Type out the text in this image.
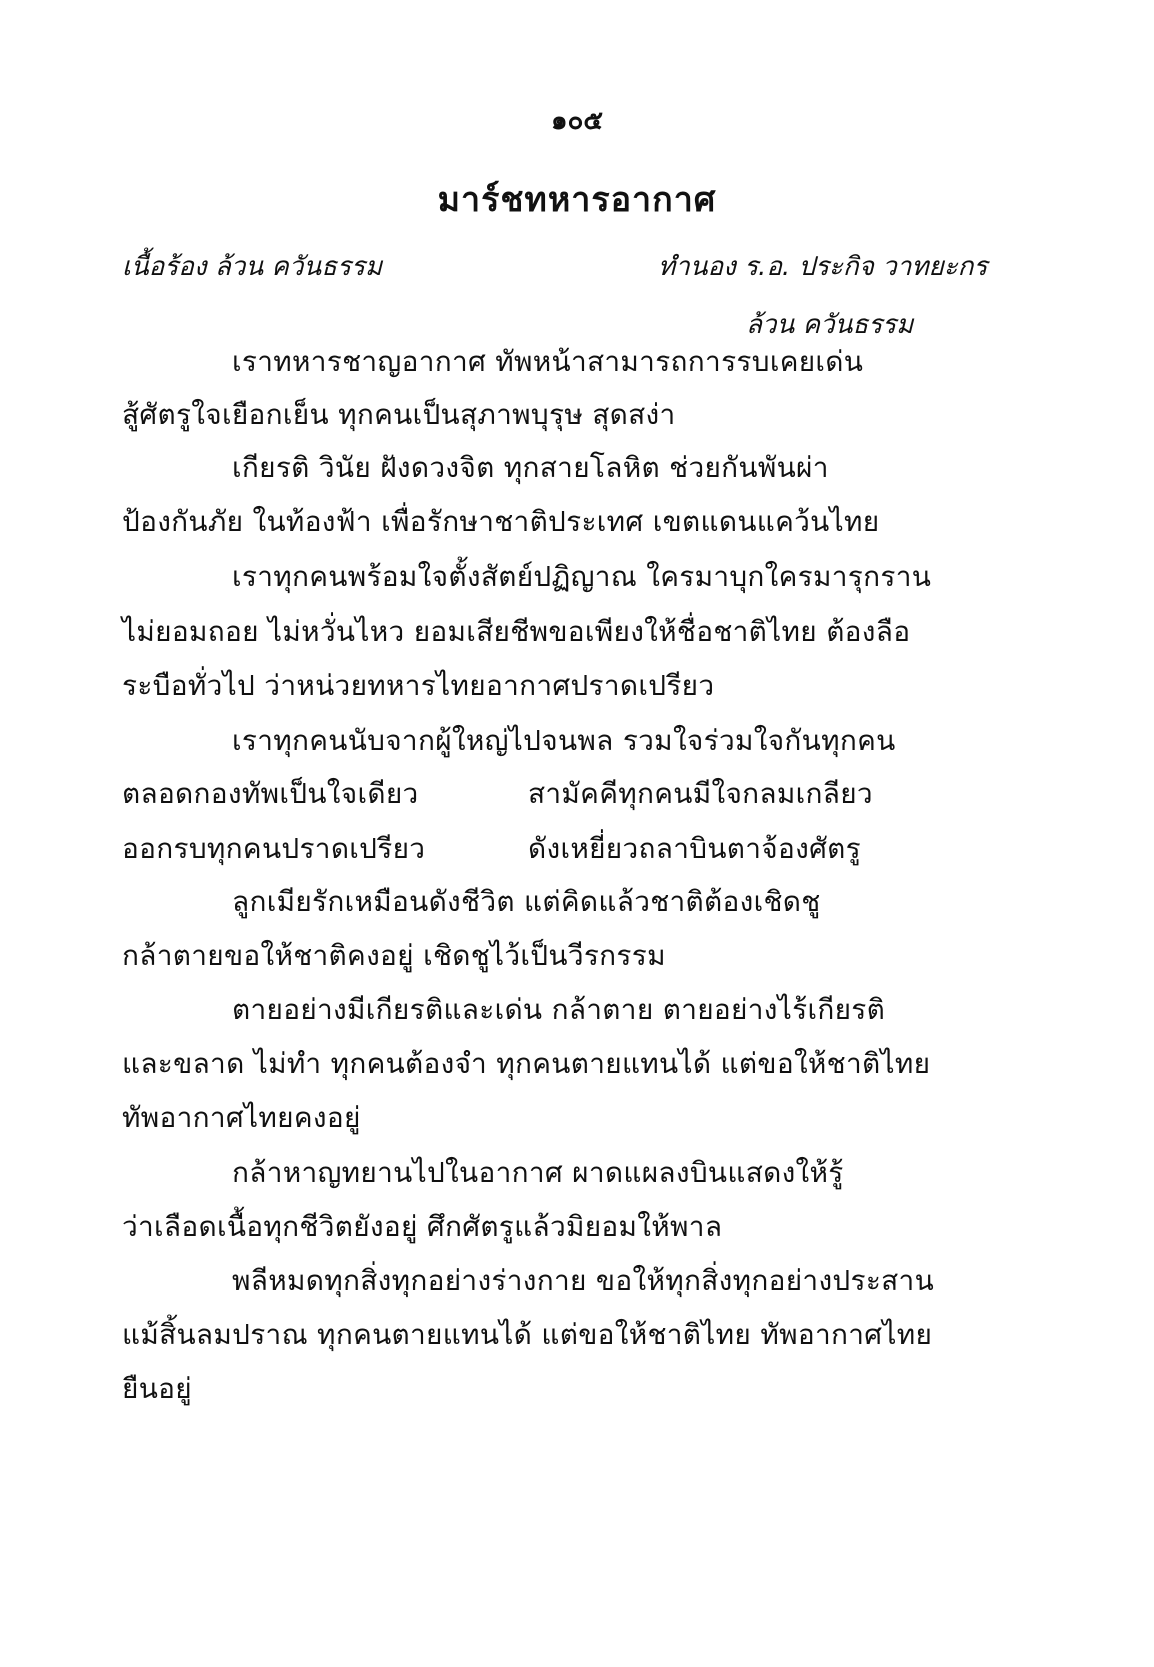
๑๐๕
มาร์ชทหารอากาศ
เนื้อร้อง ล้วน ควันธรรม	ทำนอง ร.อ. ประกิจ วาทยะกร
ล้วน ควันธรรม

เราทหารชาญอากาศ ทัพหน้าสามารถการรบเคยเด่น

สู้ศัตรูใจเยือกเย็น ทุกคนเป็นสุภาพบุรุษ สุดสง่า

เกียรติ วินัย ฝังดวงจิต ทุกสายโลหิต ช่วยกันพันผ่า

ป้องกันภัย ในท้องฟ้า เพื่อรักษาชาติประเทศ เขตแดนแคว้นไทย

เราทุกคนพร้อมใจตั้งสัตย์ปฏิญาณ ใครมาบุกใครมารุกราน

ไม่ยอมถอย ไม่หวั่นไหว ยอมเสียชีพขอเพียงให้ชื่อชาติไทย ต้องลือ

ระบือทั่วไป ว่าหน่วยทหารไทยอากาศปราดเปรียว

เราทุกคนนับจากผู้ใหญ่ไปจนพล รวมใจร่วมใจกันทุกคน

ตลอดกองทัพเป็นใจเดียว	สามัคคีทุกคนมีใจกลมเกลียว
ออกรบทุกคนปราดเปรียว	ดังเหยี่ยวถลาบินตาจ้องศัตรู

ลูกเมียรักเหมือนดังชีวิต แต่คิดแล้วชาติต้องเชิดชู

กล้าตายขอให้ชาติคงอยู่ เชิดชูไว้เป็นวีรกรรม

ตายอย่างมีเกียรติและเด่น กล้าตาย ตายอย่างไร้เกียรติ

และขลาด ไม่ทำ ทุกคนต้องจำ ทุกคนตายแทนได้ แต่ขอให้ชาติไทย

ทัพอากาศไทยคงอยู่

กล้าหาญทยานไปในอากาศ ผาดแผลงบินแสดงให้รู้

ว่าเลือดเนื้อทุกชีวิตยังอยู่ ศึกศัตรูแล้วมิยอมให้พาล

พลีหมดทุกสิ่งทุกอย่างร่างกาย ขอให้ทุกสิ่งทุกอย่างประสาน

แม้สิ้นลมปราณ ทุกคนตายแทนได้ แต่ขอให้ชาติไทย ทัพอากาศไทย

ยืนอยู่
